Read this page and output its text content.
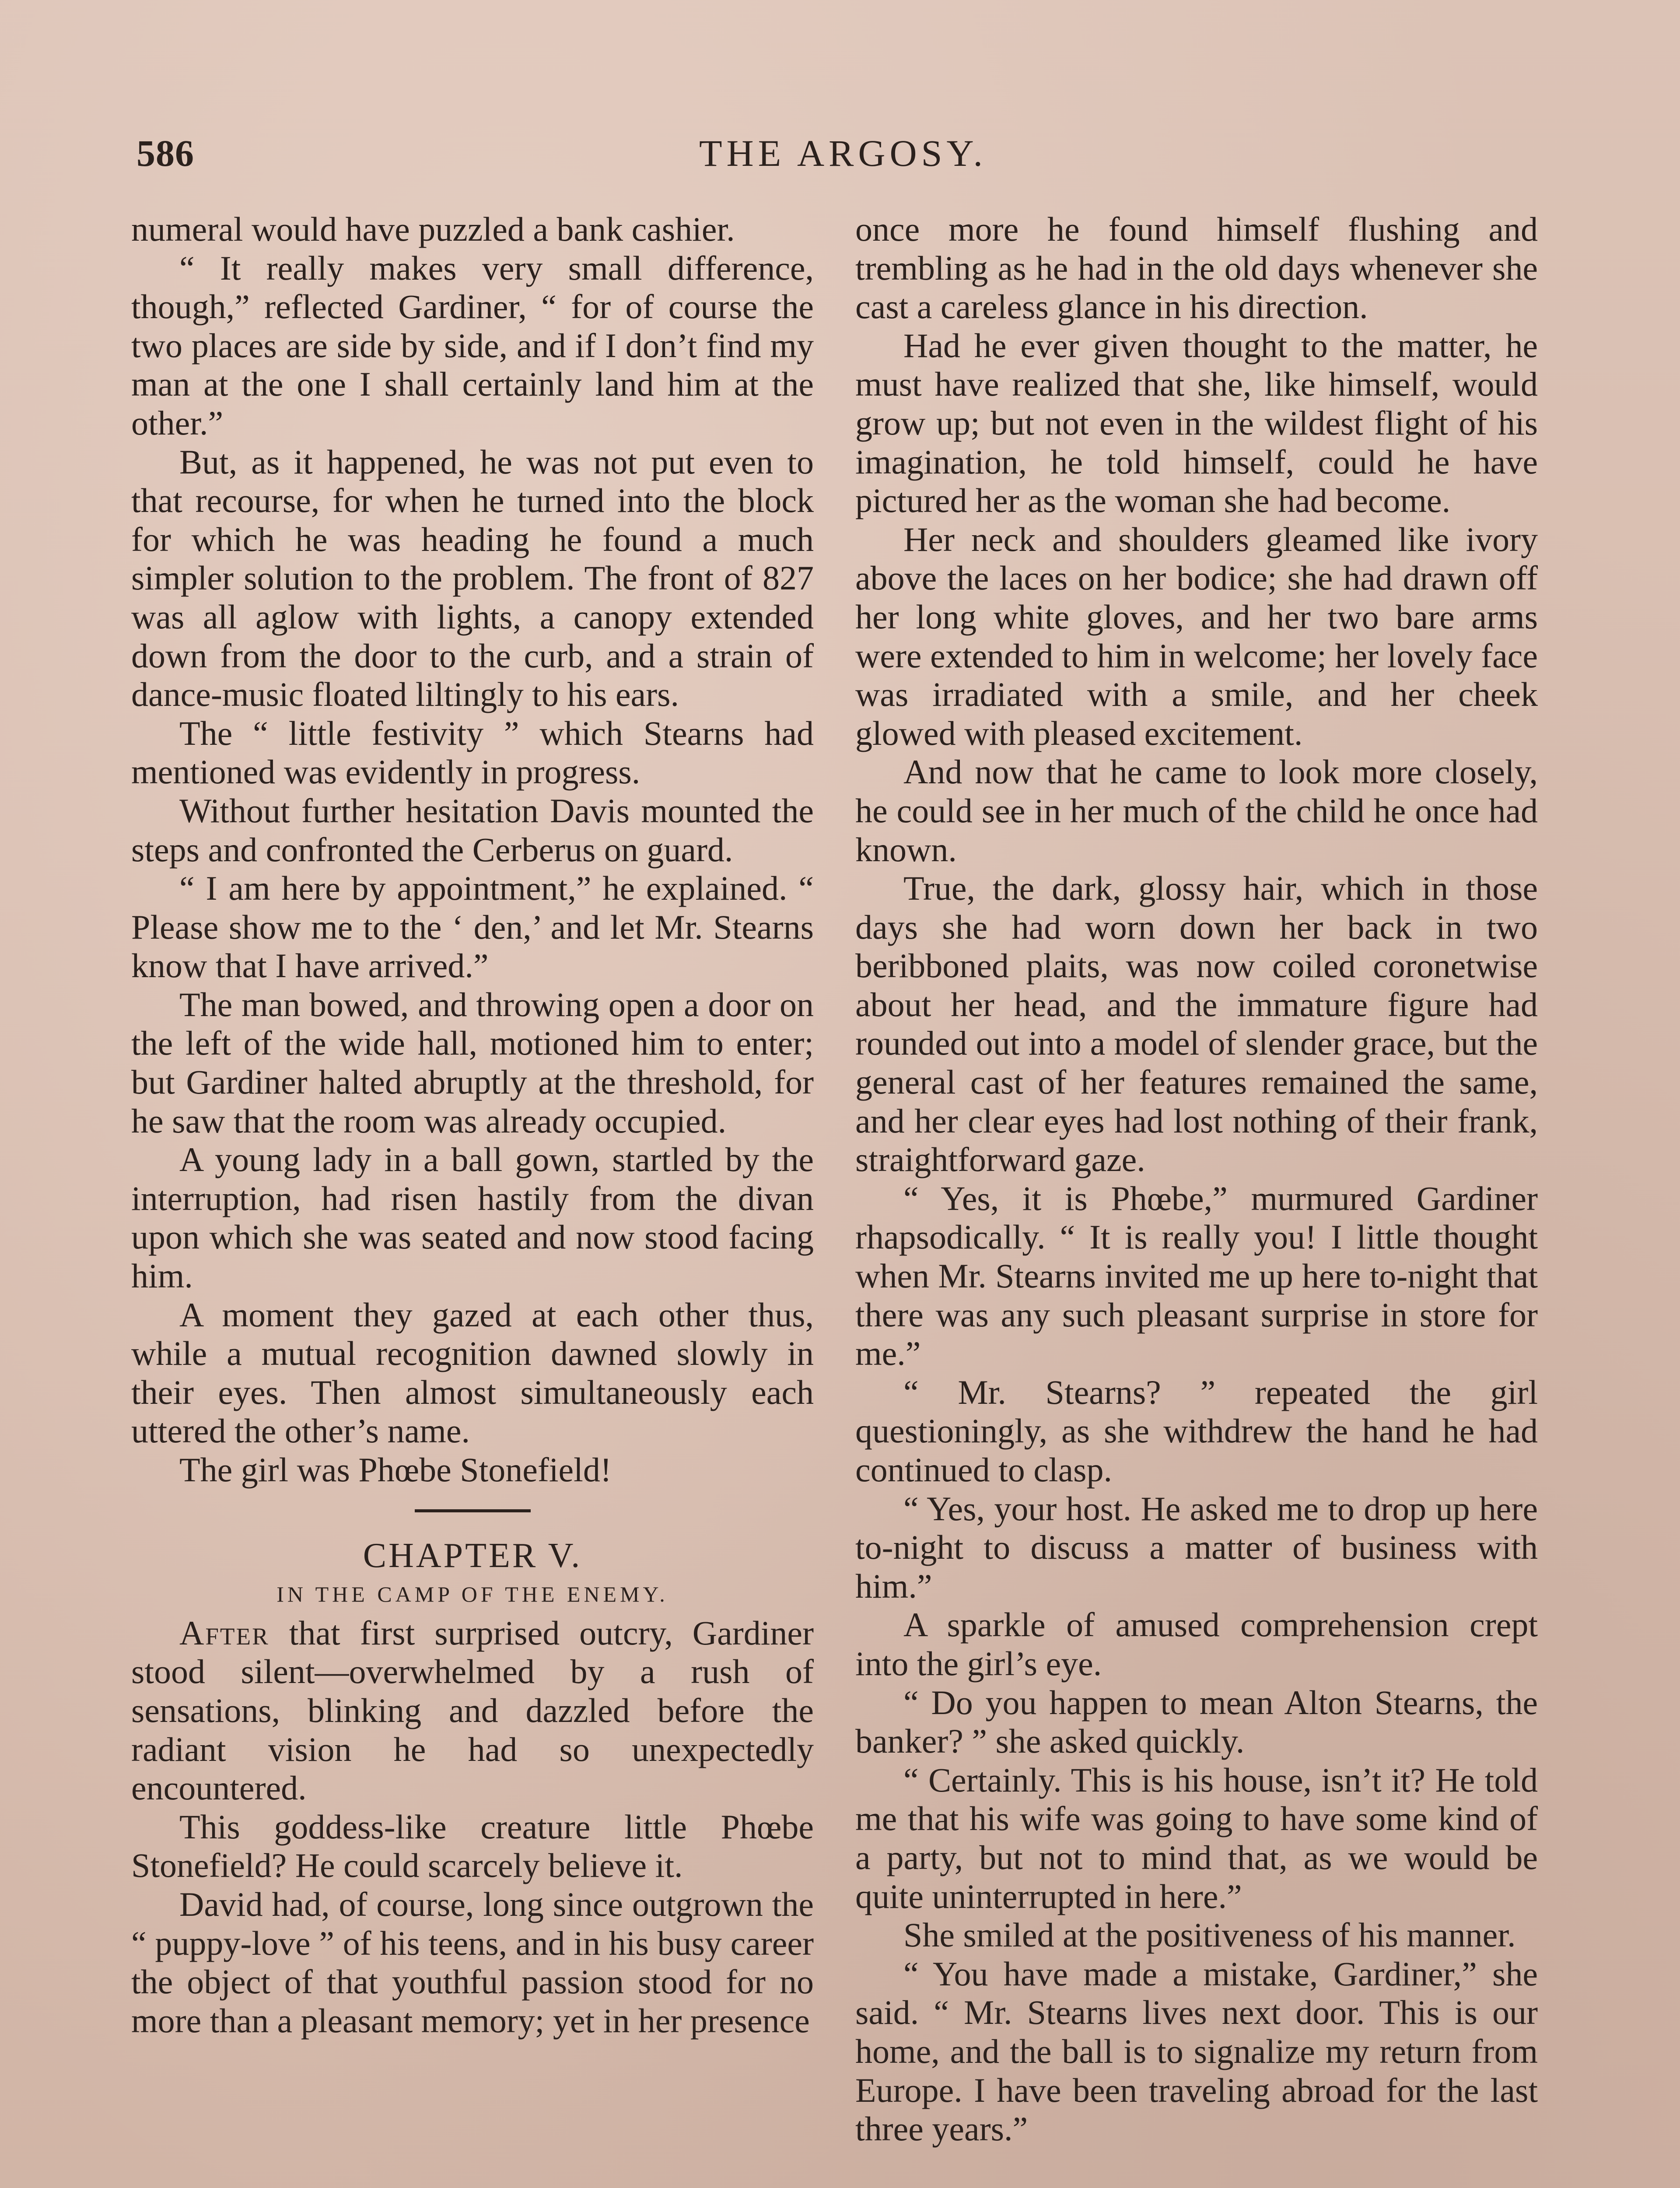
586	THE ARGOSY.

numeral would have puzzled a bank cashier.

“ It really makes very small difference, though,” reflected Gardiner, “ for of course the two places are side by side, and if I don’t find my man at the one I shall certainly land him at the other.”

But, as it happened, he was not put even to that recourse, for when he turned into the block for which he was heading he found a much simpler solution to the problem. The front of 827 was all aglow with lights, a canopy extended down from the door to the curb, and a strain of dance-music floated liltingly to his ears.

The “ little festivity ” which Stearns had mentioned was evidently in progress.

Without further hesitation Davis mounted the steps and confronted the Cerberus on guard.

“ I am here by appointment,” he explained. “ Please show me to the ‘ den,’ and let Mr. Stearns know that I have arrived.”

The man bowed, and throwing open a door on the left of the wide hall, motioned him to enter; but Gardiner halted abruptly at the threshold, for he saw that the room was already occupied.

A young lady in a ball gown, startled by the interruption, had risen hastily from the divan upon which she was seated and now stood facing him.

A moment they gazed at each other thus, while a mutual recognition dawned slowly in their eyes. Then almost simultaneously each uttered the other’s name.

The girl was Phœbe Stonefield!

CHAPTER V.

IN THE CAMP OF THE ENEMY.

After that first surprised outcry, Gardiner stood silent—overwhelmed by a rush of sensations, blinking and dazzled before the radiant vision he had so unexpectedly encountered.

This goddess-like creature little Phœbe Stonefield? He could scarcely believe it.

David had, of course, long since outgrown the “ puppy-love ” of his teens, and in his busy career the object of that youthful passion stood for no more than a pleasant memory; yet in her presence

once more he found himself flushing and trembling as he had in the old days whenever she cast a careless glance in his direction.

Had he ever given thought to the matter, he must have realized that she, like himself, would grow up; but not even in the wildest flight of his imagination, he told himself, could he have pictured her as the woman she had become.

Her neck and shoulders gleamed like ivory above the laces on her bodice; she had drawn off her long white gloves, and her two bare arms were extended to him in welcome; her lovely face was irradiated with a smile, and her cheek glowed with pleased excitement.

And now that he came to look more closely, he could see in her much of the child he once had known.

True, the dark, glossy hair, which in those days she had worn down her back in two beribboned plaits, was now coiled coronetwise about her head, and the immature figure had rounded out into a model of slender grace, but the general cast of her features remained the same, and her clear eyes had lost nothing of their frank, straightforward gaze.

“ Yes, it is Phœbe,” murmured Gardiner rhapsodically. “ It is really you! I little thought when Mr. Stearns invited me up here to-night that there was any such pleasant surprise in store for me.”

“ Mr. Stearns? ” repeated the girl questioningly, as she withdrew the hand he had continued to clasp.

“ Yes, your host. He asked me to drop up here to-night to discuss a matter of business with him.”

A sparkle of amused comprehension crept into the girl’s eye.

“ Do you happen to mean Alton Stearns, the banker? ” she asked quickly.

“ Certainly. This is his house, isn’t it? He told me that his wife was going to have some kind of a party, but not to mind that, as we would be quite uninterrupted in here.”

She smiled at the positiveness of his manner.

“ You have made a mistake, Gardiner,” she said. “ Mr. Stearns lives next door. This is our home, and the ball is to signalize my return from Europe. I have been traveling abroad for the last three years.”
